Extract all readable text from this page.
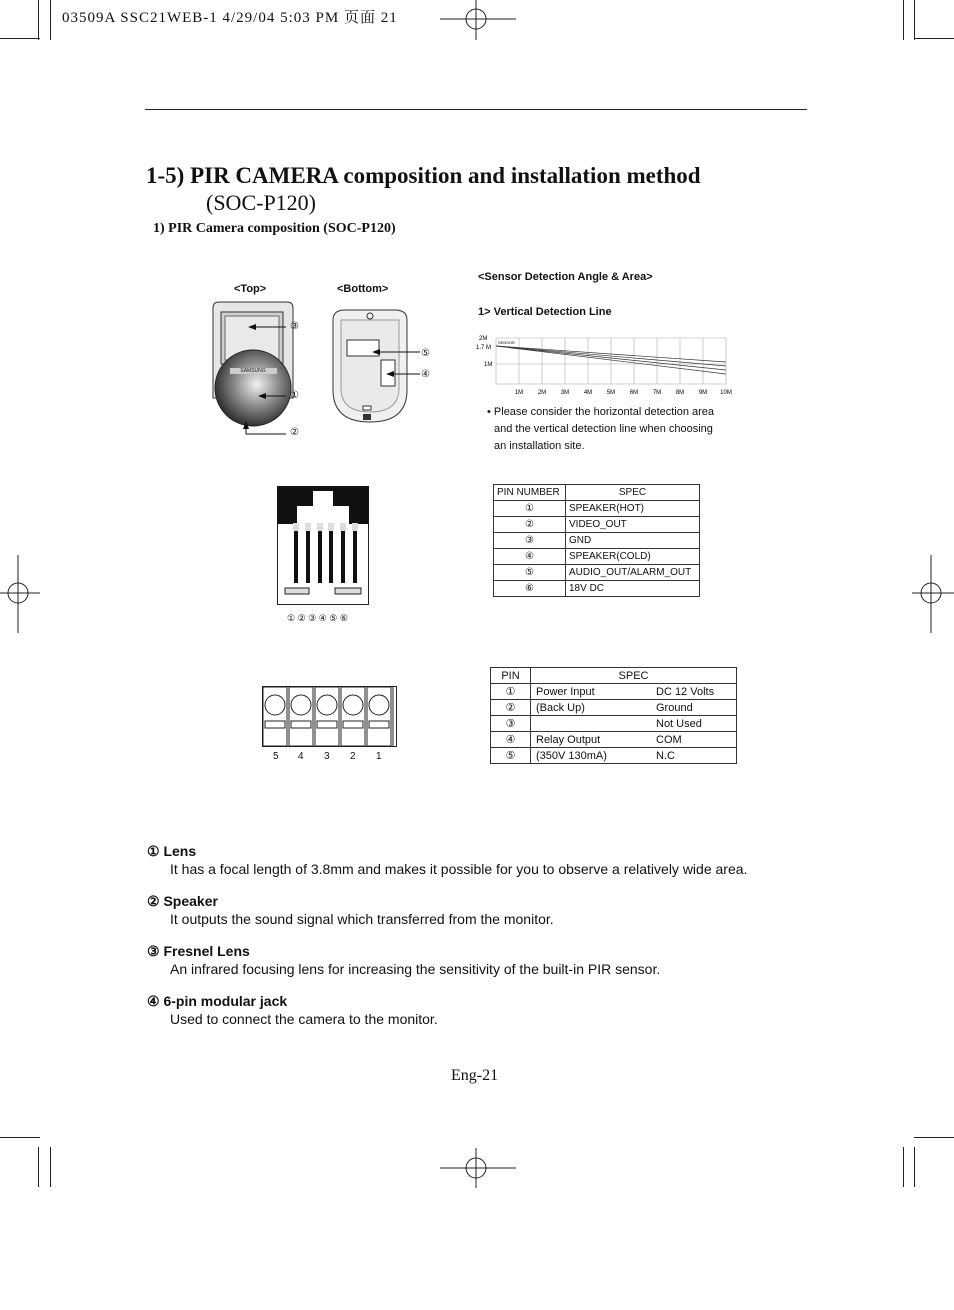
03509A SSC21WEB-1 4/29/04 5:03 PM 页面 21
1-5) PIR CAMERA composition and installation method
(SOC-P120)
1) PIR Camera composition (SOC-P120)
<Top>	<Bottom>
SAMSUNG
③
①
②
⑤
④
<Sensor Detection Angle & Area>
1> Vertical Detection Line
2M
1.7 M
1M
SENSOR
1M 2M 3M 4M 5M 6M 7M 8M 9M 10M
• Please consider the horizontal detection area
and the vertical detection line when choosing
an installation site.
① ② ③ ④ ⑤ ⑥
PIN NUMBER	SPEC
①	SPEAKER(HOT)
②	VIDEO_OUT
③	GND
④	SPEAKER(COLD)
⑤	AUDIO_OUT/ALARM_OUT
⑥	18V DC
5 4 3 2 1
PIN	SPEC	
①	Power Input	DC 12 Volts
②	(Back Up)	Ground
③		Not Used
④	Relay Output	COM
⑤	(350V 130mA)	N.C
① Lens
It has a focal length of 3.8mm and makes it possible for you to observe a relatively wide area.
② Speaker
It outputs the sound signal which transferred from the monitor.
③ Fresnel Lens
An infrared focusing lens for increasing the sensitivity of the built-in PIR sensor.
④ 6-pin modular jack
Used to connect the camera to the monitor.
Eng-21
